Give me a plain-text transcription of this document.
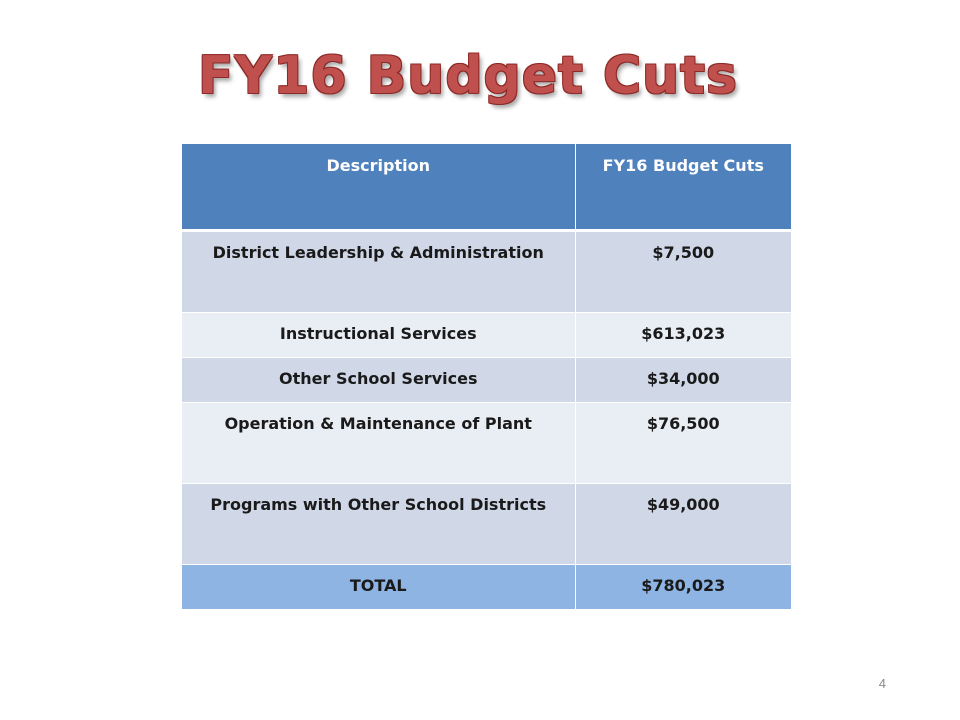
FY16 Budget Cuts
Description	FY16 Budget Cuts

District Leadership & Administration	$7,500

Instructional Services	$613,023

Other School Services	$34,000

Operation & Maintenance of Plant	$76,500

Programs with Other School Districts	$49,000

TOTAL	$780,023
4
